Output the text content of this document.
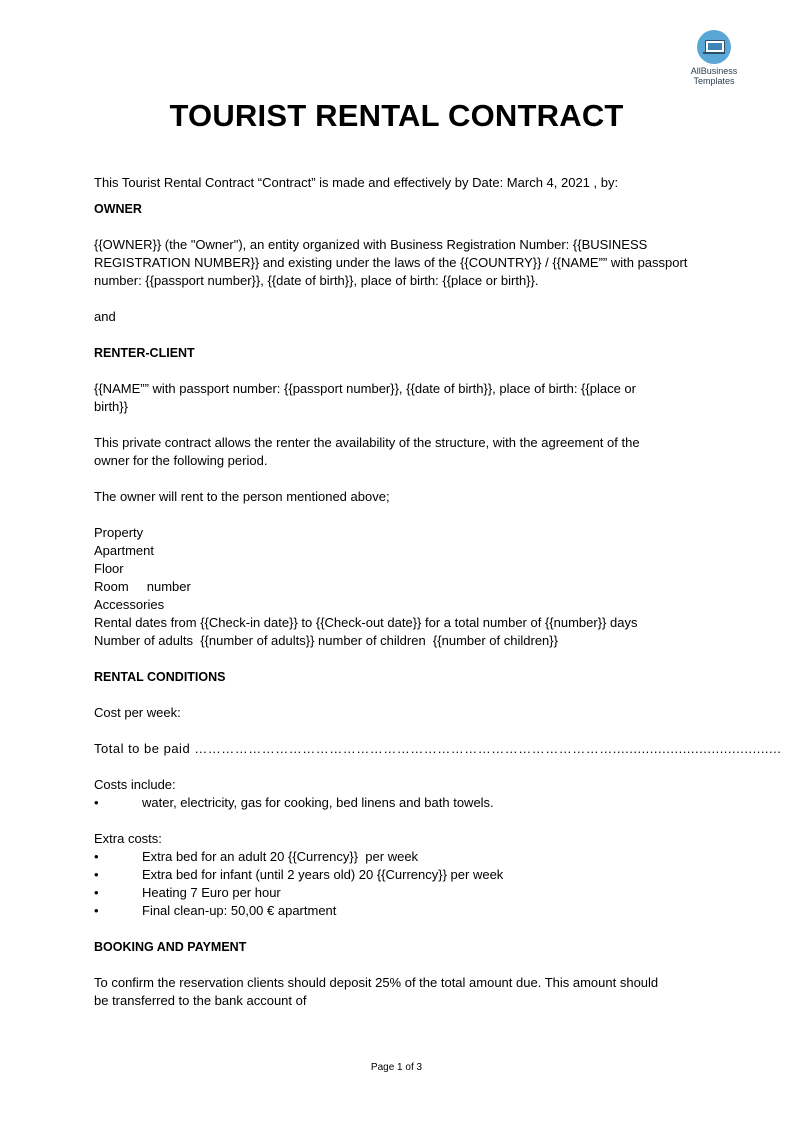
AllBusiness
Templates
TOURIST RENTAL CONTRACT

This Tourist Rental Contract “Contract” is made and effectively by Date: March 4, 2021 , by:

OWNER

{{OWNER}} (the "Owner"), an entity organized with Business Registration Number: {{BUSINESS

REGISTRATION NUMBER}} and existing under the laws of the {{COUNTRY}} / {{NAME”” with passport

number: {{passport number}}, {{date of birth}}, place of birth: {{place or birth}}.

and

RENTER-CLIENT

{{NAME”” with passport number: {{passport number}}, {{date of birth}}, place of birth: {{place or

birth}}

This private contract allows the renter the availability of the structure, with the agreement of the

owner for the following period.

The owner will rent to the person mentioned above;

Property

Apartment

Floor

Room     number

Accessories

Rental dates from {{Check-in date}} to {{Check-out date}} for a total number of {{number}} days

Number of adults  {{number of adults}} number of children  {{number of children}}

RENTAL CONDITIONS

Cost per week:

Total to be paid ………………………………………………………………………………….........................................

Costs include:

•	water, electricity, gas for cooking, bed linens and bath towels.

Extra costs:

•	Extra bed for an adult 20 {{Currency}}  per week
•	Extra bed for infant (until 2 years old) 20 {{Currency}} per week
•	Heating 7 Euro per hour
•	Final clean-up: 50,00 € apartment

BOOKING AND PAYMENT

To confirm the reservation clients should deposit 25% of the total amount due. This amount should

be transferred to the bank account of

Page 1 of 3
